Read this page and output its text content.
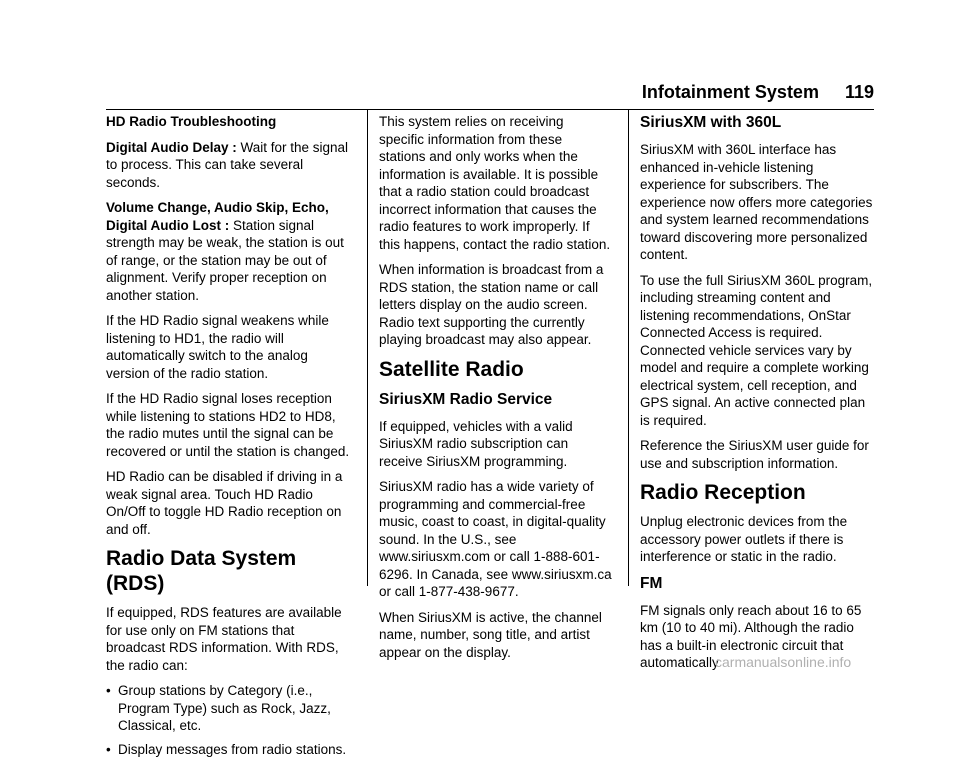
Infotainment System 119

HD Radio Troubleshooting

Digital Audio Delay : Wait for the signal to process. This can take several seconds.

Volume Change, Audio Skip, Echo, Digital Audio Lost : Station signal strength may be weak, the station is out of range, or the station may be out of alignment. Verify proper reception on another station.

If the HD Radio signal weakens while listening to HD1, the radio will automatically switch to the analog version of the radio station.

If the HD Radio signal loses reception while listening to stations HD2 to HD8, the radio mutes until the signal can be recovered or until the station is changed.

HD Radio can be disabled if driving in a weak signal area. Touch HD Radio On/Off to toggle HD Radio reception on and off.

Radio Data System (RDS)

If equipped, RDS features are available for use only on FM stations that broadcast RDS information. With RDS, the radio can:

• Group stations by Category (i.e., Program Type) such as Rock, Jazz, Classical, etc.
• Display messages from radio stations.

This system relies on receiving specific information from these stations and only works when the information is available. It is possible that a radio station could broadcast incorrect information that causes the radio features to work improperly. If this happens, contact the radio station.

When information is broadcast from a RDS station, the station name or call letters display on the audio screen. Radio text supporting the currently playing broadcast may also appear.

Satellite Radio

SiriusXM Radio Service

If equipped, vehicles with a valid SiriusXM radio subscription can receive SiriusXM programming.

SiriusXM radio has a wide variety of programming and commercial-free music, coast to coast, in digital-quality sound. In the U.S., see www.siriusxm.com or call 1-888-601-6296. In Canada, see www.siriusxm.ca or call 1-877-438-9677.

When SiriusXM is active, the channel name, number, song title, and artist appear on the display.

SiriusXM with 360L

SiriusXM with 360L interface has enhanced in-vehicle listening experience for subscribers. The experience now offers more categories and system learned recommendations toward discovering more personalized content.

To use the full SiriusXM 360L program, including streaming content and listening recommendations, OnStar Connected Access is required. Connected vehicle services vary by model and require a complete working electrical system, cell reception, and GPS signal. An active connected plan is required.

Reference the SiriusXM user guide for use and subscription information.

Radio Reception

Unplug electronic devices from the accessory power outlets if there is interference or static in the radio.

FM

FM signals only reach about 16 to 65 km (10 to 40 mi). Although the radio has a built-in electronic circuit that automatically

carmanualsonline.info
